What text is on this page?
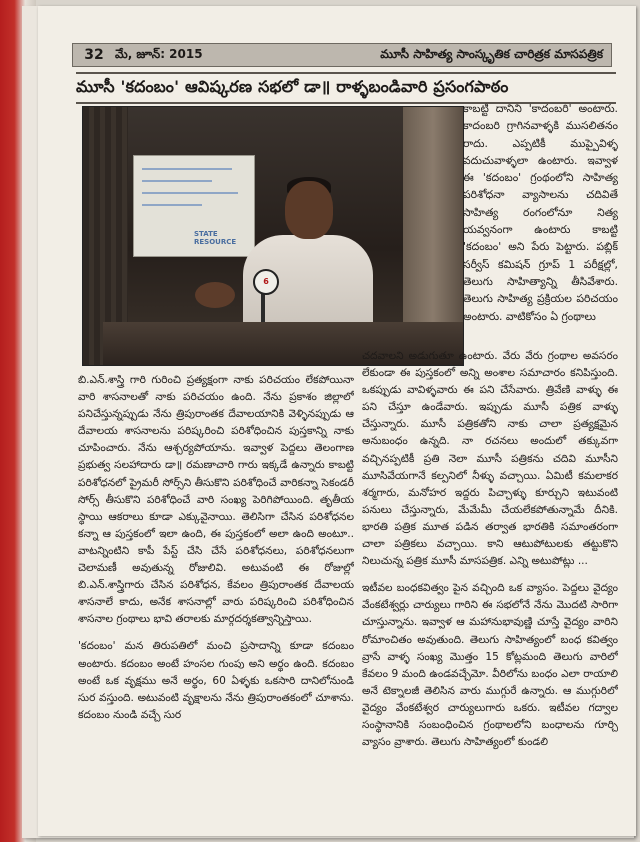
32 మే, జూన్: 2015	మూసీ సాహిత్య సాంస్కృతిక చారిత్రక మాసపత్రిక
మూసీ 'కదంబం' ఆవిష్కరణ సభలో డా॥ రాళ్ళబండివారి ప్రసంగపాఠం
STATE RESOURCE
6

కాబట్టి దానిని 'కాదంబరి' అంటారు. కాదంబరి గ్రాగినవాళ్ళకి ముసలితనం రాదు. ఎప్పటికీ ముప్పైవిళ్ళ వదుచువాళ్ళలా ఉంటారు. ఇవ్వాళ ఈ 'కదంబం' గ్రంథంలోని సాహిత్య పరిశోధనా వ్యాసాలను చదివితే సాహిత్య రంగంలోనూ నిత్య యవ్వనంగా ఉంటారు కాబట్టి 'కదంబం' అని పేరు పెట్టారు. పబ్లిక్ సర్వీస్ కమిషన్ గ్రూప్ 1 పరీక్షల్లో, తెలుగు సాహిత్యాన్ని తీసివేశారు. తెలుగు సాహిత్య ప్రక్రియల పరిచయం అంటారు. వాటికోసం ఏ గ్రంథాలు

బి.ఎన్.శాస్త్రి గారి గురించి ప్రత్యక్షంగా నాకు పరిచయం లేకపోయినా వారి శాసనాలతో నాకు పరిచయం ఉంది. నేను ప్రకాశం జిల్లాలో పనిచేస్తున్నప్పుడు నేను త్రిపురాంతక దేవాలయానికి వెళ్ళినప్పుడు ఆ దేవాలయ శాసనాలను పరిష్కరించి పరిశోధించిన పుస్తకాన్ని నాకు చూపించారు. నేను ఆశ్చర్యపోయాను. ఇవ్వాళ పెద్దలు తెలంగాణ ప్రభుత్వ సలహాదారు డా॥ రమణాచారి గారు ఇక్కడే ఉన్నారు కాబట్టి పరిశోధనలో ప్రైమరీ సోర్స్‌ని తీసుకొని పరిశోధించే వారికన్నా సెకండరీ సోర్స్ తీసుకొని పరిశోధించే వారి సంఖ్య పెరిగిపోయింది. తృతీయ స్థాయి ఆకరాలు కూడా ఎక్కువైనాయి. తెలిసిగా చేసిన పరిశోధనల కన్నా ఆ పుస్తకంలో ఇలా ఉంది, ఈ పుస్తకంలో అలా ఉంది అంటూ.. వాటన్నింటిని కాపీ పేస్ట్ చేసి చేసే పరిశోధనలు, పరిశోధనలుగా చెలామణీ అవుతున్న రోజులివి. అటువంటి ఈ రోజుల్లో బి.ఎన్.శాస్త్రిగారు చేసిన పరిశోధన, కేవలం త్రిపురాంతక దేవాలయ శాసనాలే కాదు, అనేక శాసనాల్లో వారు పరిష్కరించి పరిశోధించిన శాసనాల గ్రంథాలు భావి తరాలకు మార్గదర్శకత్వాన్నిస్తాయి.

'కదంబం' మన తిరుపతిలో మంచి ప్రసాదాన్ని కూడా కదంబం అంటారు. కదంబం అంటే హంసల గుంపు అని అర్థం ఉంది. కదంబం అంటే ఒక వృక్షము అనే అర్థం, 60 ఏళ్ళకు ఒకసారి దానిలోనుండి సుర వస్తుంది. అటువంటి వృక్షాలను నేను త్రిపురాంతకంలో చూశాను. కదంబం నుండి వచ్చే సుర

చదవాలని అడుగుతూ ఉంటారు. వేరు వేరు గ్రంథాల అవసరం లేకుండా ఈ పుస్తకంలో అన్ని అంశాల సమాచారం కనిపిస్తుంది. ఒకప్పుడు వావిళ్ళవారు ఈ పని చేసేవారు. త్రివేణి వాళ్ళు ఈ పని చేస్తూ ఉండేవారు. ఇప్పుడు మూసీ పత్రిక వాళ్ళు చేస్తున్నారు. మూసీ పత్రికతోని నాకు చాలా ప్రత్యక్షమైన అనుబంధం ఉన్నది. నా రచనలు అందులో తక్కువగా వచ్చినప్పటికీ ప్రతి నెలా మూసీ పత్రికను చదివి మూసీని మూసివేయగానే కల్పనిలో నీళ్ళు వచ్చాయి. ఏమిటీ కమలాకర శర్మగారు, మనోహర ఇద్దరు పిచ్చాళ్ళు కూర్చుని ఇటువంటి పనులు చేస్తున్నారు, మేమేమీ చేయలేకపోతున్నామే దీనికి. భారతి పత్రిక మూత పడిన తర్వాత భారతికి సమాంతరంగా చాలా పత్రికలు వచ్చాయి. కాని ఆటుపోటులకు తట్టుకొని నిలుచున్న పత్రిక మూసీ మాసపత్రిక. ఎన్ని అటుపోట్లు ...

ఇటీవల బంధకవిత్వం పైన వచ్చింది ఒక వ్యాసం. పెద్దలు వైద్యం వేంకటేశ్వర్లు చార్యులు గారిని ఈ సభలోనే నేను మొదటి సారిగా చూస్తున్నాను. ఇవ్వాళ ఆ మహానుభావుణ్ణి చూస్తే వైద్యం వారిని రోమాంచితం అవుతుంది. తెలుగు సాహిత్యంలో బంధ కవిత్వం వ్రాసే వాళ్ళ సంఖ్య మొత్తం 15 కోట్లమంది తెలుగు వారిలో కేవలం 9 మంది ఉండవచ్చేమో. వీరిలోను బంధం ఎలా రాయాలి అనే టెక్నాలజీ తెలిసిన వారు ముగ్గురే ఉన్నారు. ఆ ముగ్గురిలో వైద్యం వేంకటేశ్వర చార్యులుగారు ఒకరు. ఇటీవల గద్వాల సంస్థానానికి సంబంధించిన గ్రంథాలలోని బంధాలను గూర్చి వ్యాసం వ్రాశారు. తెలుగు సాహిత్యంలో కుండలి
